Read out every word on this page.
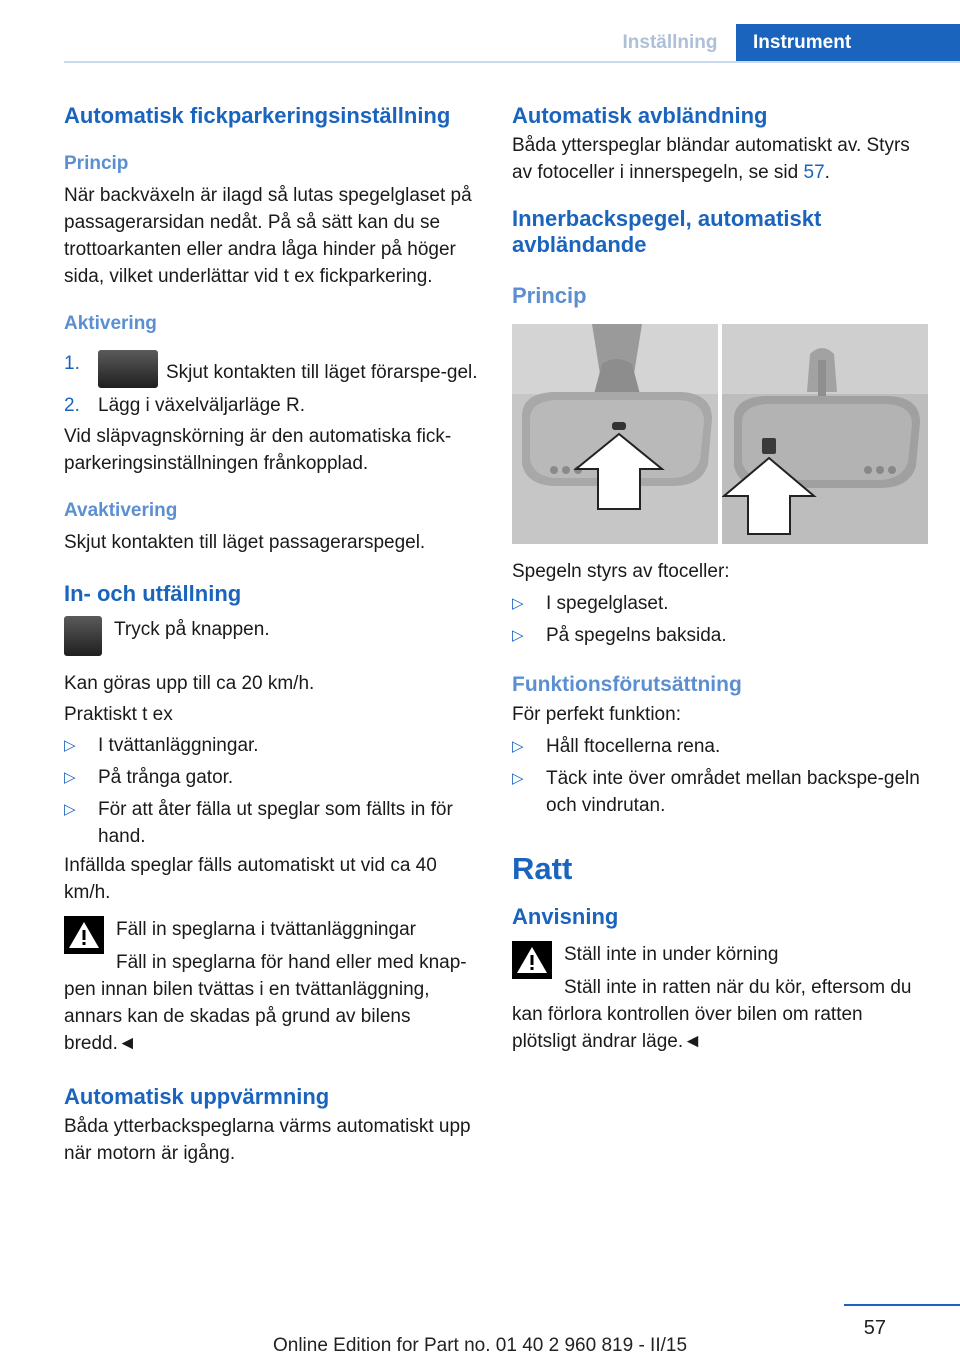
Inställning	Instrument
Automatisk fickparkeringsinställning
Princip

När backväxeln är ilagd så lutas spegelglaset på passagerarsidan nedåt. På så sätt kan du se trottoarkanten eller andra låga hinder på höger sida, vilket underlättar vid t ex fickparkering.

Aktivering
1.	Skjut kontakten till läget förarspe‐gel.
2. Lägg i växelväljarläge R.

Vid släpvagnskörning är den automatiska fick‐parkeringsinställningen frånkopplad.

Avaktivering

Skjut kontakten till läget passagerarspegel.

In- och utfällning

Tryck på knappen.

Kan göras upp till ca 20 km/h.

Praktiskt t ex

▷ I tvättanläggningar.
▷ På trånga gator.
▷ För att åter fälla ut speglar som fällts in för hand.

Infällda speglar fälls automatiskt ut vid ca 40 km/h.

Fäll in speglarna i tvättanläggningar

Fäll in speglarna för hand eller med knap‐pen innan bilen tvättas i en tvättanläggning, annars kan de skadas på grund av bilens bredd.◄

Automatisk uppvärmning

Båda ytterbackspeglarna värms automatiskt upp när motorn är igång.

Automatisk avbländning

Båda ytterspeglar bländar automatiskt av. Styrs av fotoceller i innerspegeln, se sid 57.

Innerbackspegel, automatiskt avbländande
Princip

Spegeln styrs av ftoceller:

▷ I spegelglaset.
▷ På spegelns baksida.
Funktionsförutsättning

För perfekt funktion:

▷ Håll ftocellerna rena.
▷ Täck inte över området mellan backspe‐geln och vindrutan.
Ratt
Anvisning

Ställ inte in under körning

Ställ inte in ratten när du kör, eftersom du kan förlora kontrollen över bilen om ratten plötsligt ändrar läge.◄

57
Online Edition for Part no. 01 40 2 960 819 - II/15
